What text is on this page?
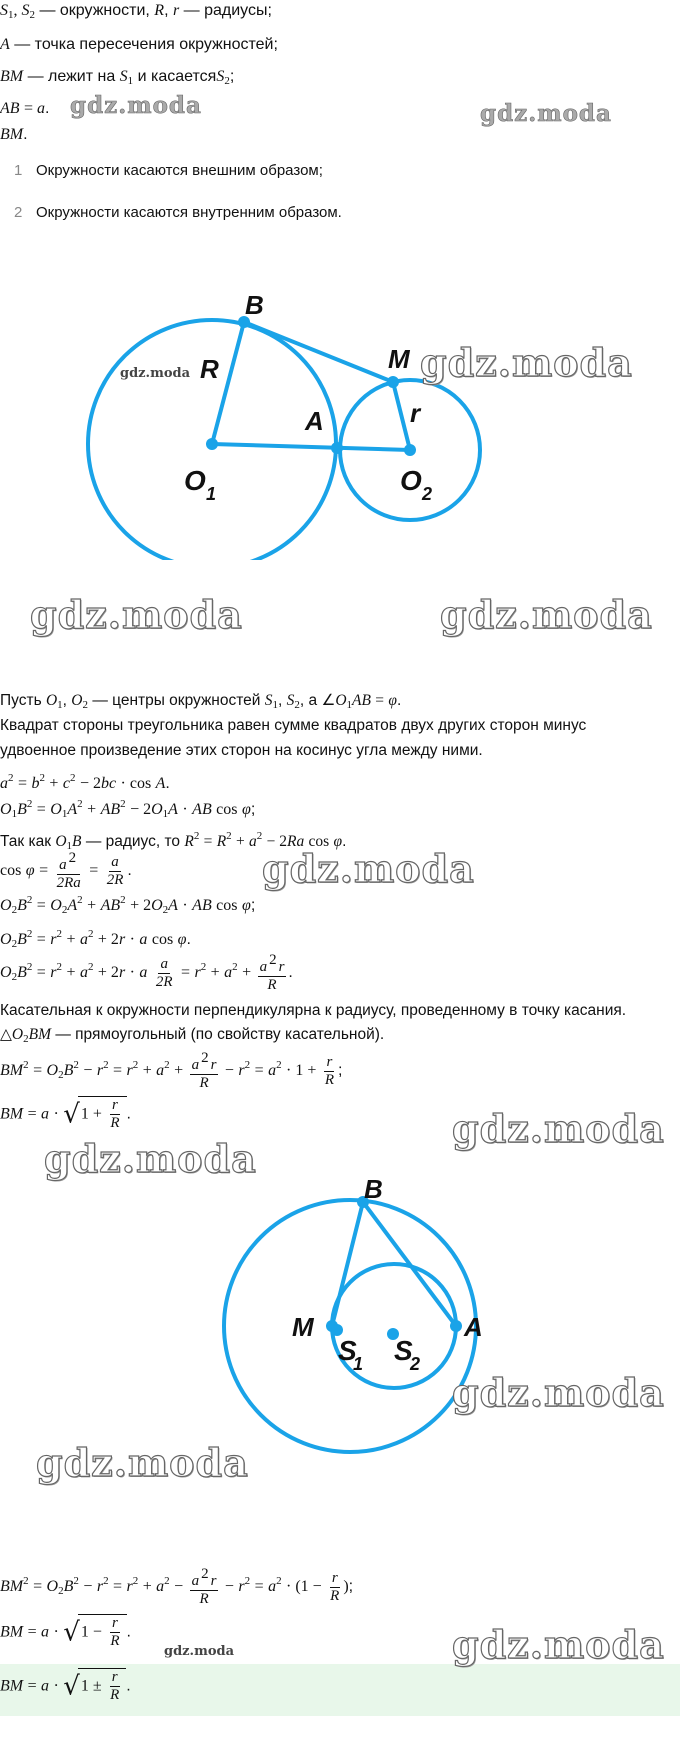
S1, S2 — окружности, R, r — радиусы;
A — точка пересечения окружностей;
BM — лежит на S1 и касаетсяS2;
AB = a.
BM.
1 Окружности касаются внешним образом;
2 Окружности касаются внутренним образом.
B
M
R
r
A
O 1	O 2
Пусть O1, O2 — центры окружностей S1, S2, а ∠O1AB = φ.
Квадрат стороны треугольника равен сумме квадратов двух других сторон минус
удвоенное произведение этих сторон на косинус угла между ними.
$a^2 = b^2 + c^2 - 2bc \cdot \cos A$.
$O1B^2 = O1A^2 + AB^2 - 2O1A$ · AB cos φ;
Так как O1B — радиус, то $R^2 = R^2 + a^2 - 2Ra$ cos φ.
$\cos \varphi = \frac{a 2}{2Ra} = \frac{a}{2R}$ .
$O2B^2 = O2A^2 + AB^2 + 2O2A$ · AB cos φ;
$O2B^2 = r^2 + a^2 + 2r \cdot a$ cos φ.
$O2B^2 = r^2 + a^2 + 2r \cdot a \frac{a}{2R} = r^2 + a^2 + \frac{a 2 r}{R}$ .
Касательная к окружности перпендикулярна к радиусу, проведенному в точку касания.
△O2BM — прямоугольный (по свойству касательной).
$BM^2 = O2B^2 - r^2 = r^2 + a^2 + \frac{a 2 r}{R} - r^2 = a^2 \cdot 1 + \frac{r}{R}$ ;
BM = $a \cdot √1 + \frac{r}{R}$ .
B
M
S
1 S
2
A
$BM^2 = O2B^2 - r^2 = r^2 + a^2 - \frac{a 2 r}{R} - r^2 = a^2 \cdot (1 - \frac{r}{R}$ );
BM = $a \cdot √1 - \frac{r}{R}$ .
BM = $a \cdot √1 \pm \frac{r}{R}$ .
gdz.moda	gdz.moda
gdz.moda	gdz.moda
gdz.moda	gdz.moda
gdz.moda
gdz.moda
gdz.moda
gdz.moda
gdz.moda
gdz.moda	gdz.moda
